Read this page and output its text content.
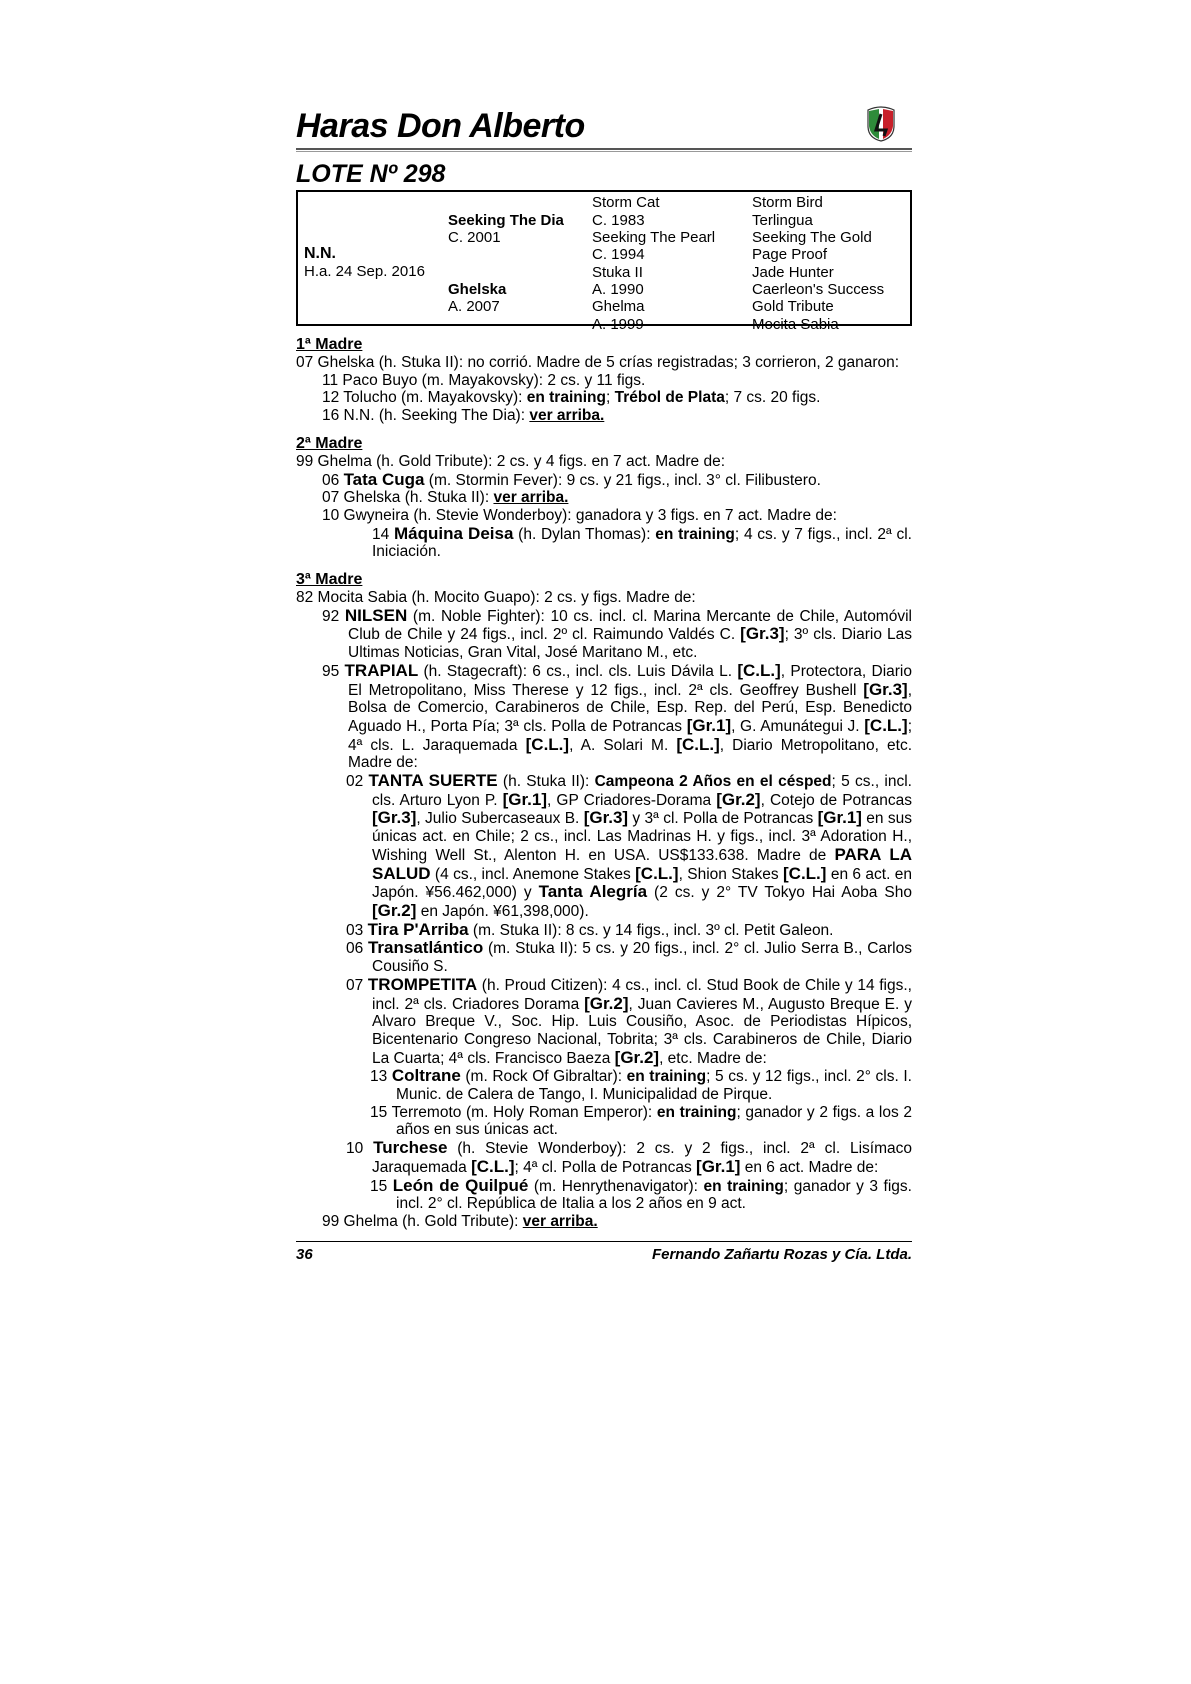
Haras Don Alberto
LOTE Nº 298
N.N.
H.a. 24 Sep. 2016
Seeking The Dia
C. 2001
Ghelska
A. 2007
Storm Cat
C. 1983
Seeking The Pearl
C. 1994
Stuka II
A. 1990
Ghelma
A. 1999
Storm Bird
Terlingua
Seeking The Gold
Page Proof
Jade Hunter
Caerleon's Success
Gold Tribute
Mocita Sabia
1ª Madre
07 Ghelska (h. Stuka II): no corrió. Madre de 5 crías registradas; 3 corrieron, 2 ganaron:
11 Paco Buyo (m. Mayakovsky): 2 cs. y 11 figs.
12 Tolucho (m. Mayakovsky): en training; Trébol de Plata; 7 cs. 20 figs.
16 N.N. (h. Seeking The Dia): ver arriba.
2ª Madre
99 Ghelma (h. Gold Tribute): 2 cs. y 4 figs. en 7 act. Madre de:
06 Tata Cuga (m. Stormin Fever): 9 cs. y 21 figs., incl. 3° cl. Filibustero.
07 Ghelska (h. Stuka II): ver arriba.
10 Gwyneira (h. Stevie Wonderboy): ganadora y 3 figs. en 7 act. Madre de:
14 Máquina Deisa (h. Dylan Thomas): en training; 4 cs. y 7 figs., incl. 2ª cl. Iniciación.
3ª Madre
82 Mocita Sabia (h. Mocito Guapo): 2 cs. y figs. Madre de:
92 NILSEN (m. Noble Fighter): 10 cs. incl. cl. Marina Mercante de Chile, Automóvil Club de Chile y 24 figs., incl. 2º cl. Raimundo Valdés C. [Gr.3]; 3º cls. Diario Las Ultimas Noticias, Gran Vital, José Maritano M., etc.
95 TRAPIAL (h. Stagecraft): 6 cs., incl. cls. Luis Dávila L. [C.L.], Protectora, Diario El Metropolitano, Miss Therese y 12 figs., incl. 2ª cls. Geoffrey Bushell [Gr.3], Bolsa de Comercio, Carabineros de Chile, Esp. Rep. del Perú, Esp. Benedicto Aguado H., Porta Pía; 3ª cls. Polla de Potrancas [Gr.1], G. Amunátegui J. [C.L.]; 4ª cls. L. Jaraquemada [C.L.], A. Solari M. [C.L.], Diario Metropolitano, etc. Madre de:
02 TANTA SUERTE (h. Stuka II): Campeona 2 Años en el césped; 5 cs., incl. cls. Arturo Lyon P. [Gr.1], GP Criadores-Dorama [Gr.2], Cotejo de Potrancas [Gr.3], Julio Subercaseaux B. [Gr.3] y 3ª cl. Polla de Potrancas [Gr.1] en sus únicas act. en Chile; 2 cs., incl. Las Madrinas H. y figs., incl. 3ª Adoration H., Wishing Well St., Alenton H. en USA. US$133.638. Madre de PARA LA SALUD (4 cs., incl. Anemone Stakes [C.L.], Shion Stakes [C.L.] en 6 act. en Japón. ¥56.462,000) y Tanta Alegría (2 cs. y 2° TV Tokyo Hai Aoba Sho [Gr.2] en Japón. ¥61,398,000).
03 Tira P'Arriba (m. Stuka II): 8 cs. y 14 figs., incl. 3º cl. Petit Galeon.
06 Transatlántico (m. Stuka II): 5 cs. y 20 figs., incl. 2° cl. Julio Serra B., Carlos Cousiño S.
07 TROMPETITA (h. Proud Citizen): 4 cs., incl. cl. Stud Book de Chile y 14 figs., incl. 2ª cls. Criadores Dorama [Gr.2], Juan Cavieres M., Augusto Breque E. y Alvaro Breque V., Soc. Hip. Luis Cousiño, Asoc. de Periodistas Hípicos, Bicentenario Congreso Nacional, Tobrita; 3ª cls. Carabineros de Chile, Diario La Cuarta; 4ª cls. Francisco Baeza [Gr.2], etc. Madre de:
13 Coltrane (m. Rock Of Gibraltar): en training; 5 cs. y 12 figs., incl. 2° cls. I. Munic. de Calera de Tango, I. Municipalidad de Pirque.
15 Terremoto (m. Holy Roman Emperor): en training; ganador y 2 figs. a los 2 años en sus únicas act.
10 Turchese (h. Stevie Wonderboy): 2 cs. y 2 figs., incl. 2ª cl. Lisímaco Jaraquemada [C.L.]; 4ª cl. Polla de Potrancas [Gr.1] en 6 act. Madre de:
15 León de Quilpué (m. Henrythenavigator): en training; ganador y 3 figs. incl. 2° cl. República de Italia a los 2 años en 9 act.
99 Ghelma (h. Gold Tribute): ver arriba.
36	Fernando Zañartu Rozas y Cía. Ltda.
